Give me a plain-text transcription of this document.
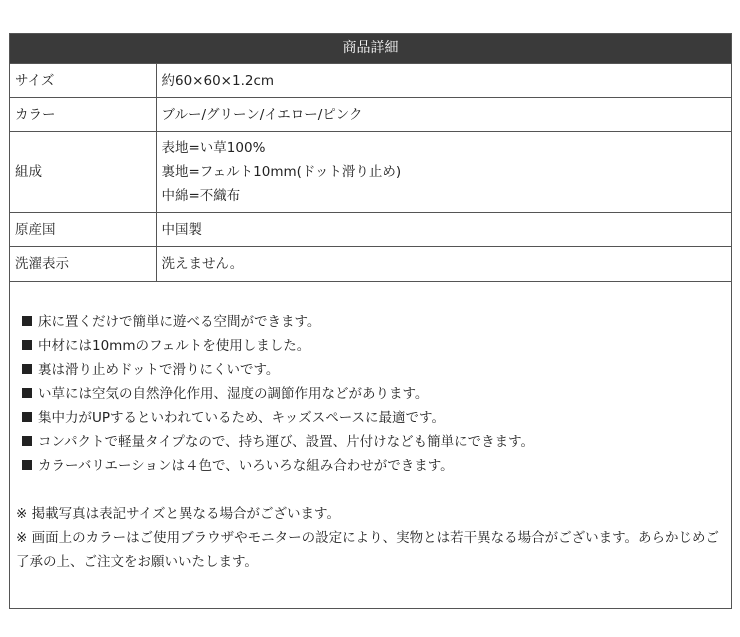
商品詳細
サイズ	約60×60×1.2cm

カラー	ブルー/グリーン/イエロー/ピンク

組成	表地=い草100%
裏地=フェルト10mm(ドット滑り止め)
中綿=不織布

原産国	中国製

洗濯表示	洗えません。
床に置くだけで簡単に遊べる空間ができます。
中材には10mmのフェルトを使用しました。
裏は滑り止めドットで滑りにくいです。
い草には空気の自然浄化作用、湿度の調節作用などがあります。
集中力がUPするといわれているため、キッズスペースに最適です。
コンパクトで軽量タイプなので、持ち運び、設置、片付けなども簡単にできます。
カラーバリエーションは４色で、いろいろな組み合わせができます。
※ 掲載写真は表記サイズと異なる場合がございます。
※ 画面上のカラーはご使用ブラウザやモニターの設定により、実物とは若干異なる場合がございます。あらかじめご了承の上、ご注文をお願いいたします。
